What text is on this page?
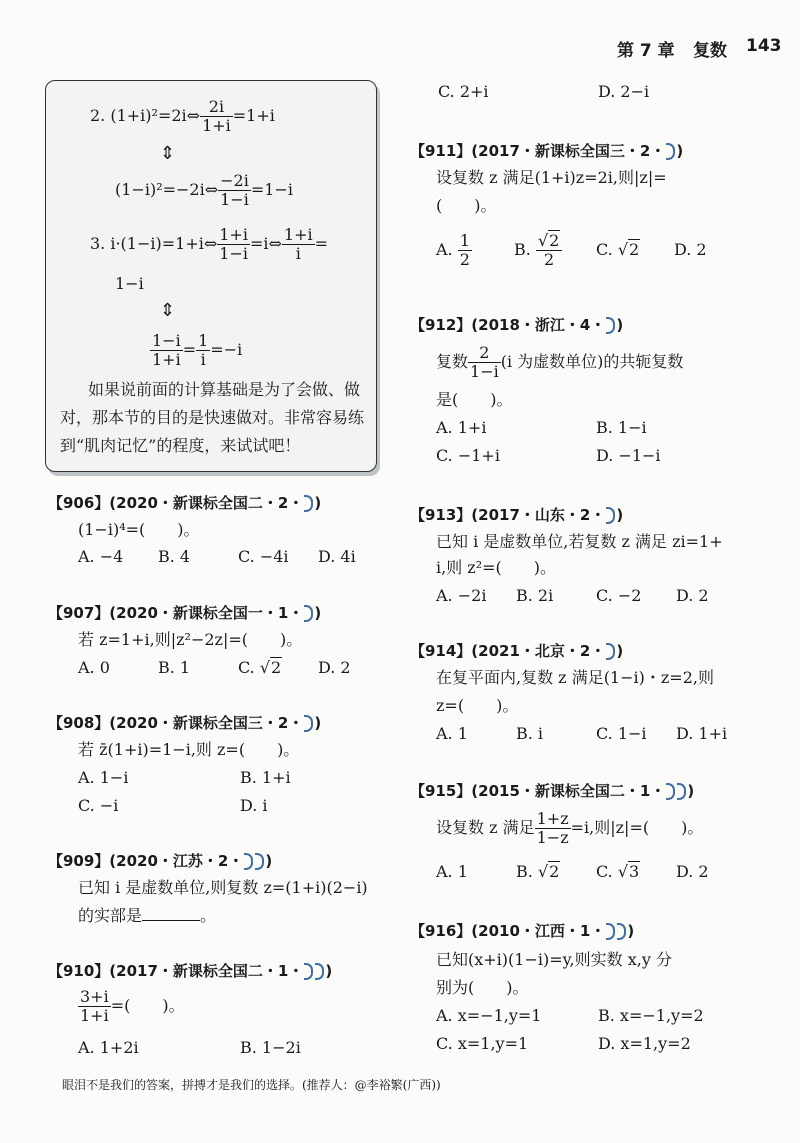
第 7 章 复数 143
2. (1+i)²=2i⇔ $\frac{2i}{1+i} =1+i$
⇕
(1−i)²=−2i⇔ $\frac{-2i}{1-i} =1-i$
3. i·(1−i)=1+i⇔ $\frac{1+i}{1-i}$ =i⇔ $\frac{1+i}{i}$ =
1−i
⇕
$\frac{1-i}{1+i} = \frac{1}{i} =-i$
如果说前面的计算基础是为了会做、做
对，那本节的目的是快速做对。非常容易练
到“肌肉记忆”的程度，来试试吧！
【906】(2020・新课标全国二・2・ )
(1−i)⁴=(　　)。
A. −4 B. 4	C. −4i D. 4i
【907】(2020・新课标全国一・1・ )
若 z=1+i,则|z²−2z|=(　　)。
A. 0	B. 1	C. √2 D. 2
【908】(2020・新课标全国三・2・ )
若 z̄(1+i)=1−i,则 z=(　　)。
A. 1−i	B. 1+i
C. −i	D. i
【909】(2020・江苏・2・ )
已知 i 是虚数单位,则复数 z=(1+i)(2−i)
的实部是	。
【910】(2017・新课标全国二・1・ )
$\frac{3+i}{1+i}$ =(　　)。
A. 1+2i	B. 1−2i
C. 2+i	D. 2−i
【911】(2017・新课标全国三・2・ )
设复数 z 满足(1+i)z=2i,则|z|=
(　　)。
A. $\frac{1}{2}$	B. $\frac{√2}{2} C$. √2 D. 2
【912】(2018・浙江・4・ )
复数 $\frac{2}{1-i} (i$ 为虚数单位)的共轭复数
是(　　)。
A. 1+i	B. 1−i
C. −1+i	D. −1−i
【913】(2017・山东・2・ )
已知 i 是虚数单位,若复数 z 满足 zi=1+
i,则 z²=(　　)。
A. −2i B. 2i	C. −2 D. 2
【914】(2021・北京・2・ )
在复平面内,复数 z 满足(1−i)・z=2,则
z=(　　)。
A. 1	B. i	C. 1−i D. 1+i
【915】(2015・新课标全国二・1・ )
设复数 z 满足 $\frac{1+z}{1-z} =i$,则|z|=(　　)。
A. 1	B. √2 C. √3 D. 2
【916】(2010・江西・1・ )
已知(x+i)(1−i)=y,则实数 x,y 分
别为(　　)。
A. x=−1,y=1	B. x=−1,y=2
C. x=1,y=1	D. x=1,y=2
眼泪不是我们的答案，拼搏才是我们的选择。(推荐人：@李裕繁(广西))
